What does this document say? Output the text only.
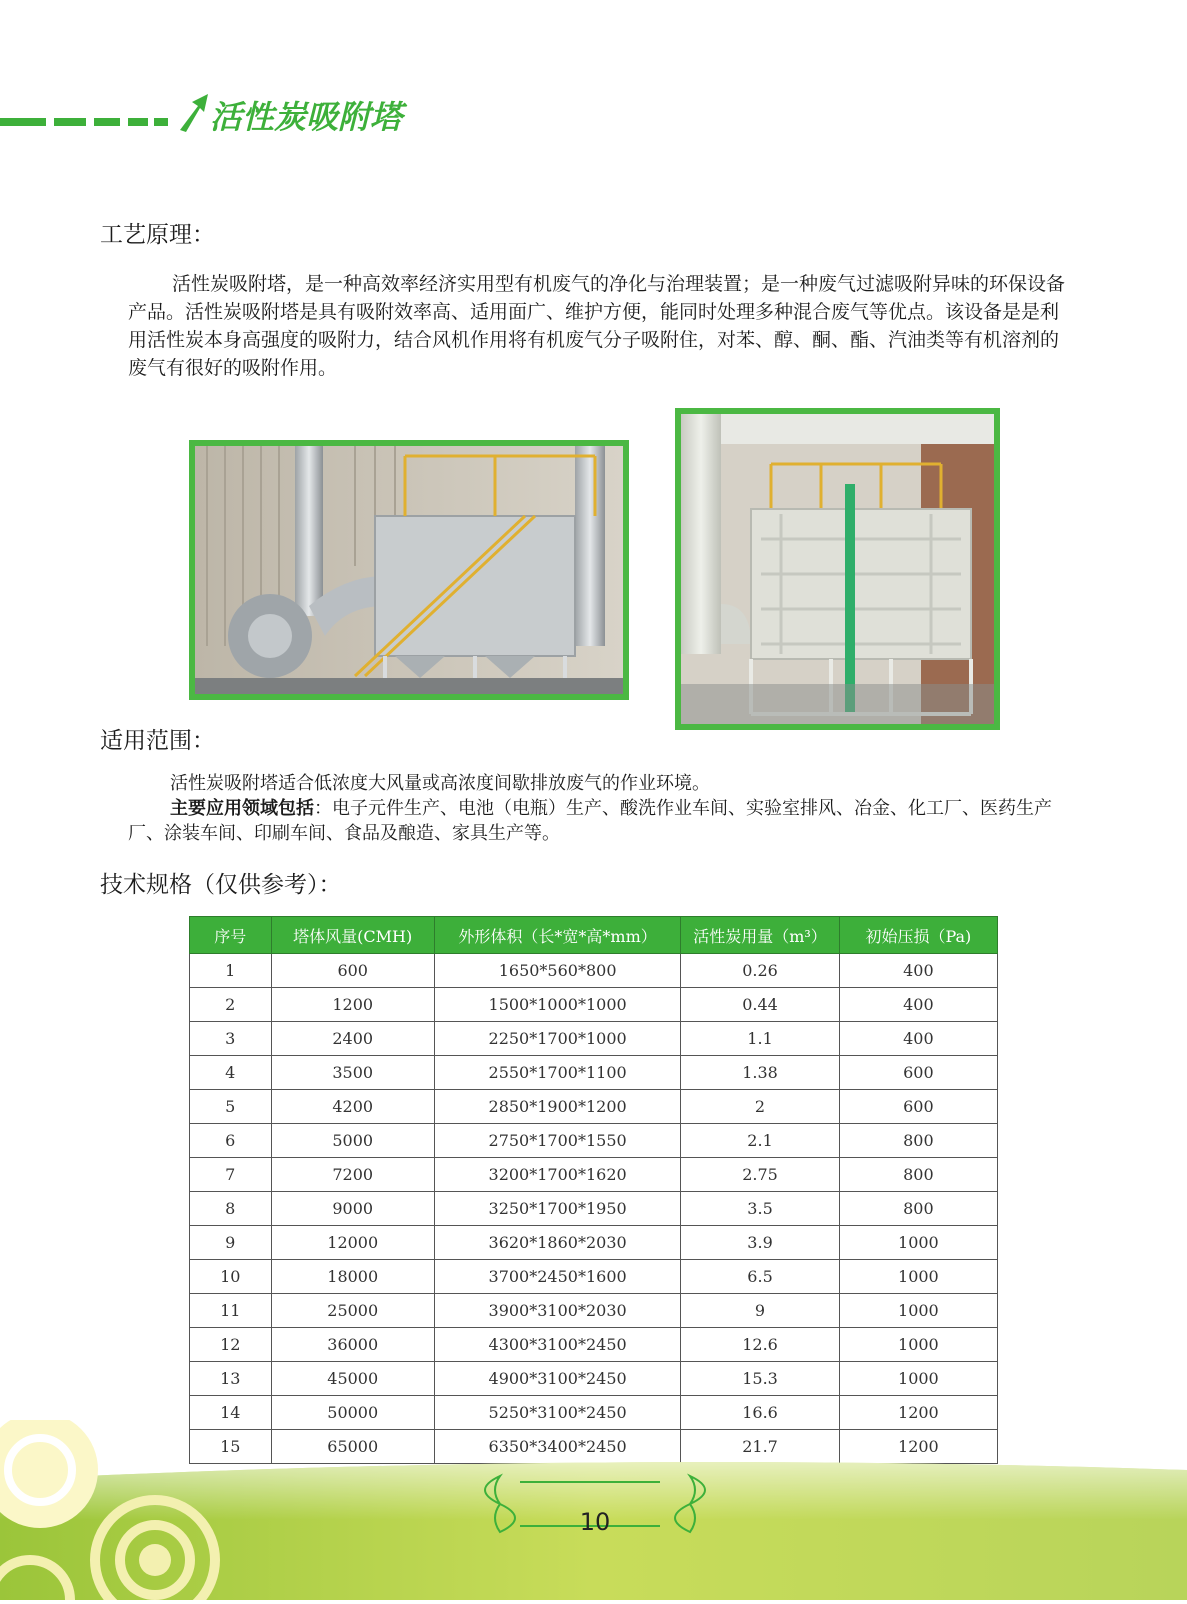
活性炭吸附塔
工艺原理：
活性炭吸附塔，是一种高效率经济实用型有机废气的净化与治理装置；是一种废气过滤吸附异味的环保设备产品。活性炭吸附塔是具有吸附效率高、适用面广、维护方便，能同时处理多种混合废气等优点。该设备是是利用活性炭本身高强度的吸附力，结合风机作用将有机废气分子吸附住，对苯、醇、酮、酯、汽油类等有机溶剂的废气有很好的吸附作用。
适用范围：
活性炭吸附塔适合低浓度大风量或高浓度间歇排放废气的作业环境。
主要应用领域包括：电子元件生产、电池（电瓶）生产、酸洗作业车间、实验室排风、冶金、化工厂、医药生产厂、涂装车间、印刷车间、食品及酿造、家具生产等。
技术规格（仅供参考）：
序号	塔体风量(CMH)	外形体积（长*宽*高*mm）	活性炭用量（m³）	初始压损（Pa)
1	600	1650*560*800	0.26	400
2	1200	1500*1000*1000	0.44	400
3	2400	2250*1700*1000	1.1	400
4	3500	2550*1700*1100	1.38	600
5	4200	2850*1900*1200	2	600
6	5000	2750*1700*1550	2.1	800
7	7200	3200*1700*1620	2.75	800
8	9000	3250*1700*1950	3.5	800
9	12000	3620*1860*2030	3.9	1000
10	18000	3700*2450*1600	6.5	1000
11	25000	3900*3100*2030	9	1000
12	36000	4300*3100*2450	12.6	1000
13	45000	4900*3100*2450	15.3	1000
14	50000	5250*3100*2450	16.6	1200
15	65000	6350*3400*2450	21.7	1200
10
